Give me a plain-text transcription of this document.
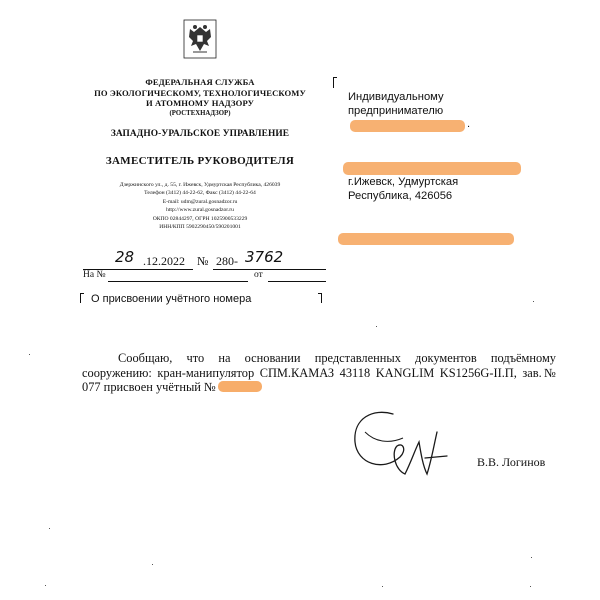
ФЕДЕРАЛЬНАЯ СЛУЖБА
ПО ЭКОЛОГИЧЕСКОМУ, ТЕХНОЛОГИЧЕСКОМУ
И АТОМНОМУ НАДЗОРУ
(РОСТЕХНАДЗОР)
ЗАПАДНО-УРАЛЬСКОЕ УПРАВЛЕНИЕ
ЗАМЕСТИТЕЛЬ РУКОВОДИТЕЛЯ
Дзержинского ул., д. 55, г. Ижевск, Удмуртская Республика, 426039
Телефон (3412) 44-22-62, Факс (3412) 44-22-64
E-mail: udm@zural.gosnadzor.ru
http://www.zural.gosnadzor.ru
ОКПО 02844297, ОГРН 1025900533229
ИНН/КПП 5902290450/590201001
28 .12.2022 № 280- 3762
На №	от
О присвоении учётного номера
Индивидуальному
предпринимателю
.
г.Ижевск, Удмуртская
Республика, 426056
Сообщаю, что на основании представленных документов подъёмному сооружению: кран-манипулятор СПМ.КАМАЗ 43118 KANGLIM KS1256G-II.П, зав.№ 077 присвоен учётный №
В.В. Логинов
